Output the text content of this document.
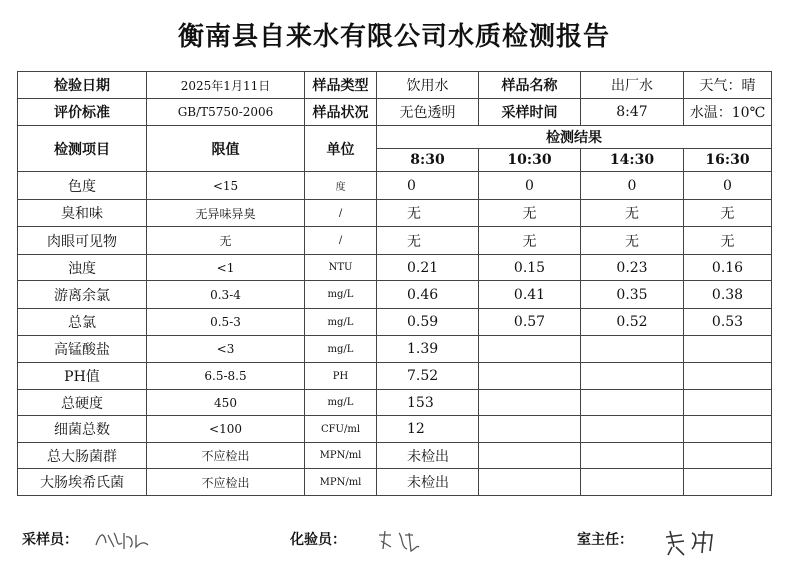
衡南县自来水有限公司水质检测报告
检验日期	2025年1月11日	样品类型	饮用水	样品名称	出厂水	天气：晴
评价标准	GB/T5750-2006	样品状况	无色透明	采样时间	8:47	水温：10℃
检测项目	限值	单位	检测结果			
			8:30	10:30	14:30	16:30
色度	<15	度	0	0	0	0
臭和味	无异味异臭	/	无	无	无	无
肉眼可见物	无	/	无	无	无	无
浊度	<1	NTU	0.21	0.15	0.23	0.16
游离余氯	0.3-4	mg/L	0.46	0.41	0.35	0.38
总氯	0.5-3	mg/L	0.59	0.57	0.52	0.53
高锰酸盐	<3	mg/L	1.39			
PH值	6.5-8.5	PH	7.52			
总硬度	450	mg/L	153			
细菌总数	<100	CFU/ml	12			
总大肠菌群	不应检出	MPN/ml	未检出			
大肠埃希氏菌	不应检出	MPN/ml	未检出			
采样员：	化验员：	室主任：
